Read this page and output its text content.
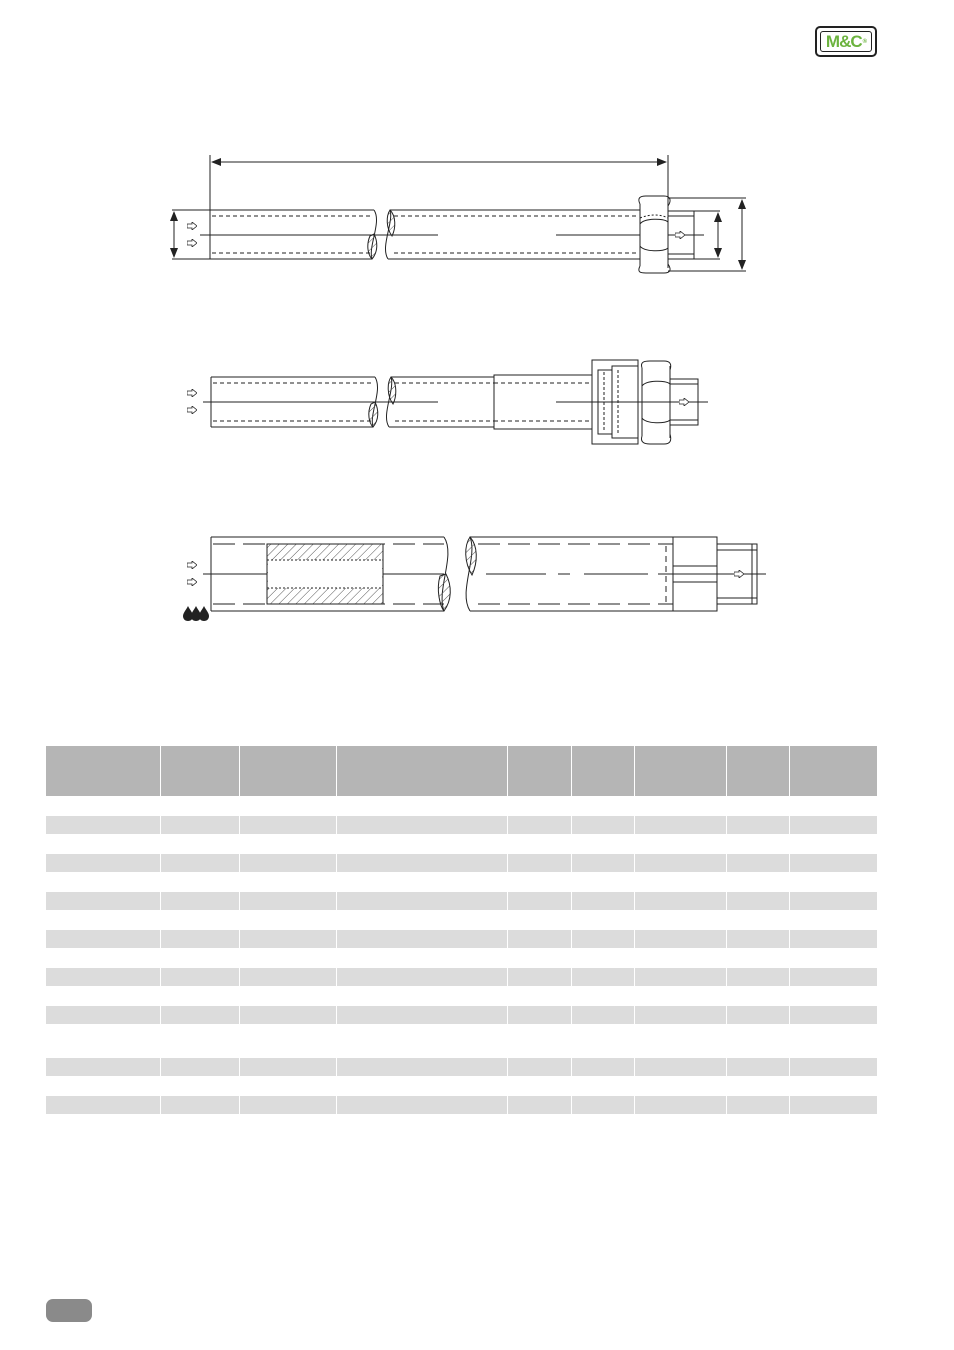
M&C ®
